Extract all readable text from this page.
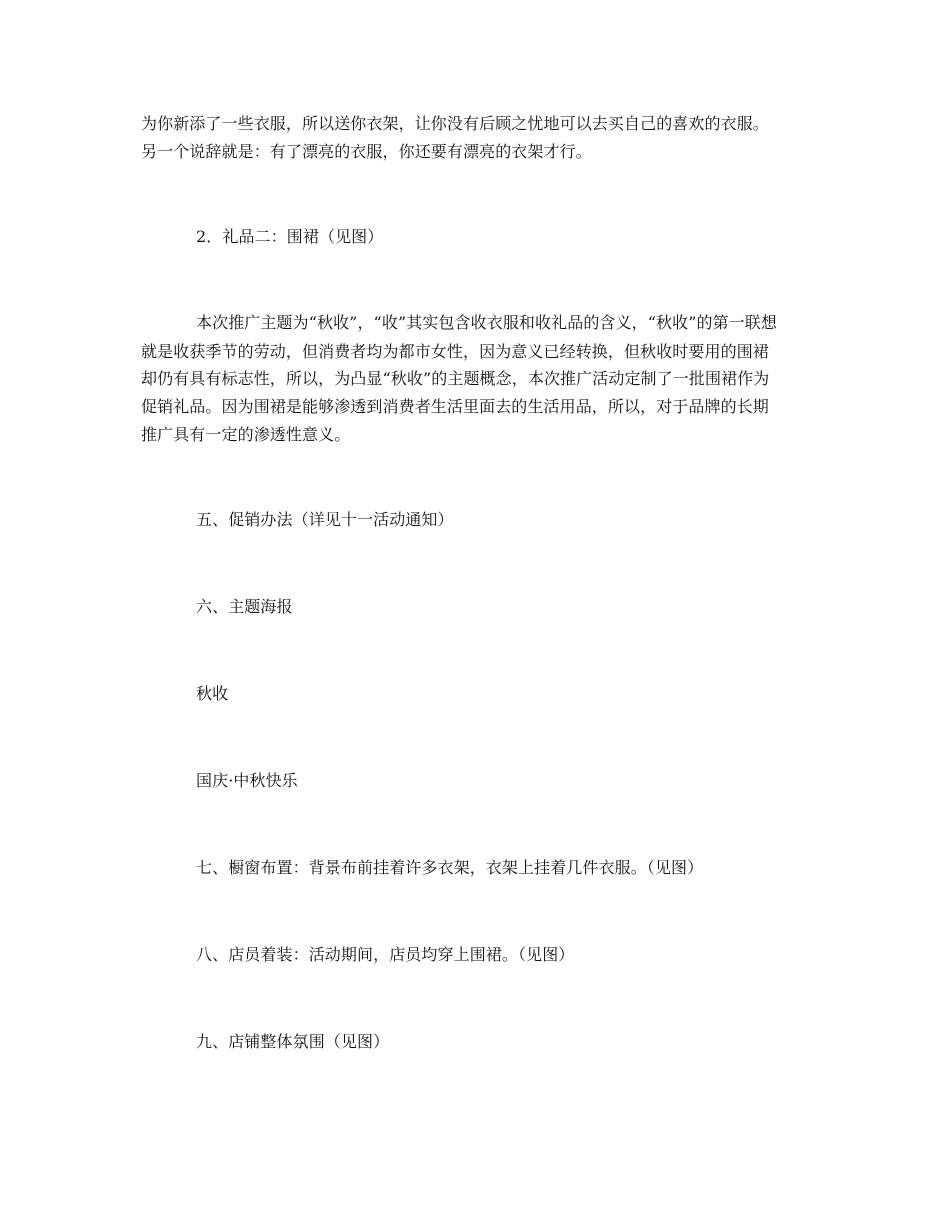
为你新添了一些衣服，所以送你衣架，让你没有后顾之忧地可以去买自己的喜欢的衣服。
另一个说辞就是：有了漂亮的衣服，你还要有漂亮的衣架才行。
2．礼品二：围裙（见图）
本次推广主题为“秋收”，“收”其实包含收衣服和收礼品的含义，“秋收”的第一联想
就是收获季节的劳动，但消费者均为都市女性，因为意义已经转换，但秋收时要用的围裙
却仍有具有标志性，所以，为凸显“秋收”的主题概念，本次推广活动定制了一批围裙作为
促销礼品。因为围裙是能够渗透到消费者生活里面去的生活用品，所以，对于品牌的长期
推广具有一定的渗透性意义。
五、促销办法（详见十一活动通知）
六、主题海报
秋收
国庆·中秋快乐
七、橱窗布置：背景布前挂着许多衣架，衣架上挂着几件衣服。（见图）
八、店员着装：活动期间，店员均穿上围裙。（见图）
九、店铺整体氛围（见图）
